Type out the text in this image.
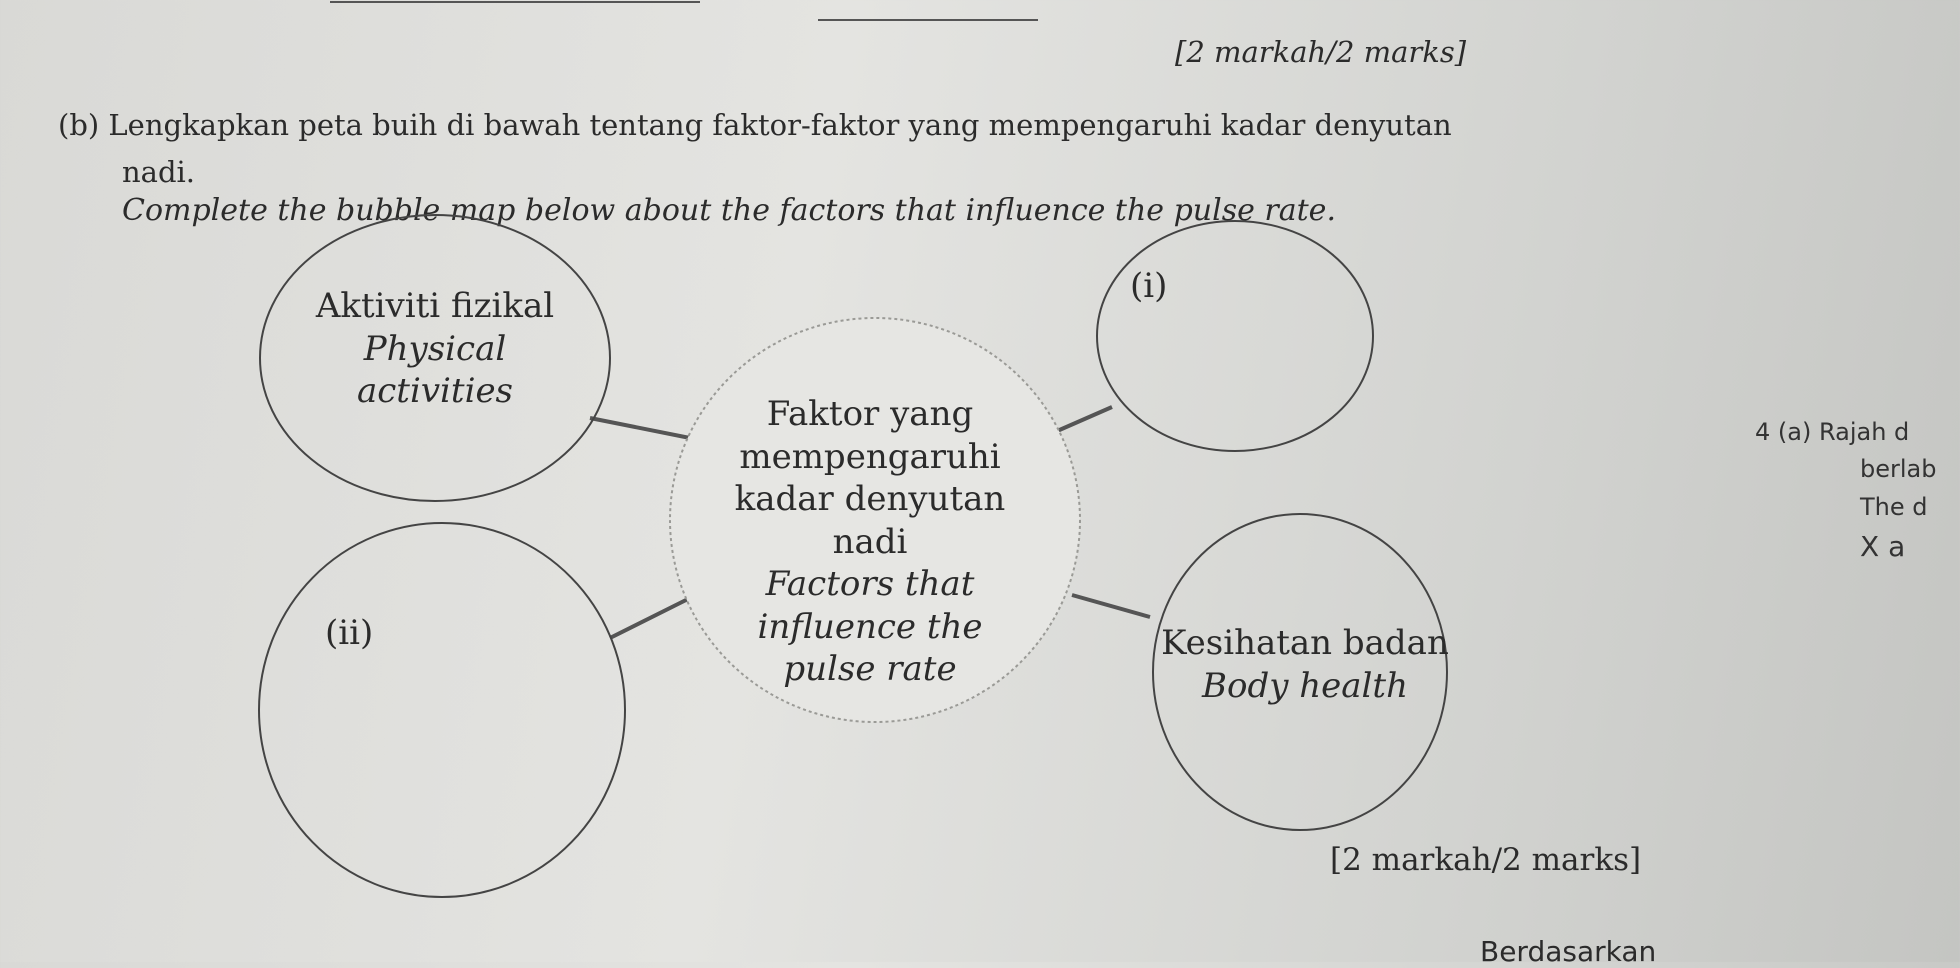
[2 markah/2 marks]
(b) Lengkapkan peta buih di bawah tentang faktor-faktor yang mempengaruhi kadar denyutan
nadi.
Complete the bubble map below about the factors that influence the pulse rate.
Faktor yang
mempengaruhi
kadar denyutan nadi
Factors that
influence the
pulse rate
Aktiviti fizikal
Physical
activities
(i)
(ii)	Kesihatan badan
Body health
[2 markah/2 marks]
4 (a) Rajah d
berlab
The d
X a
Berdasarkan
